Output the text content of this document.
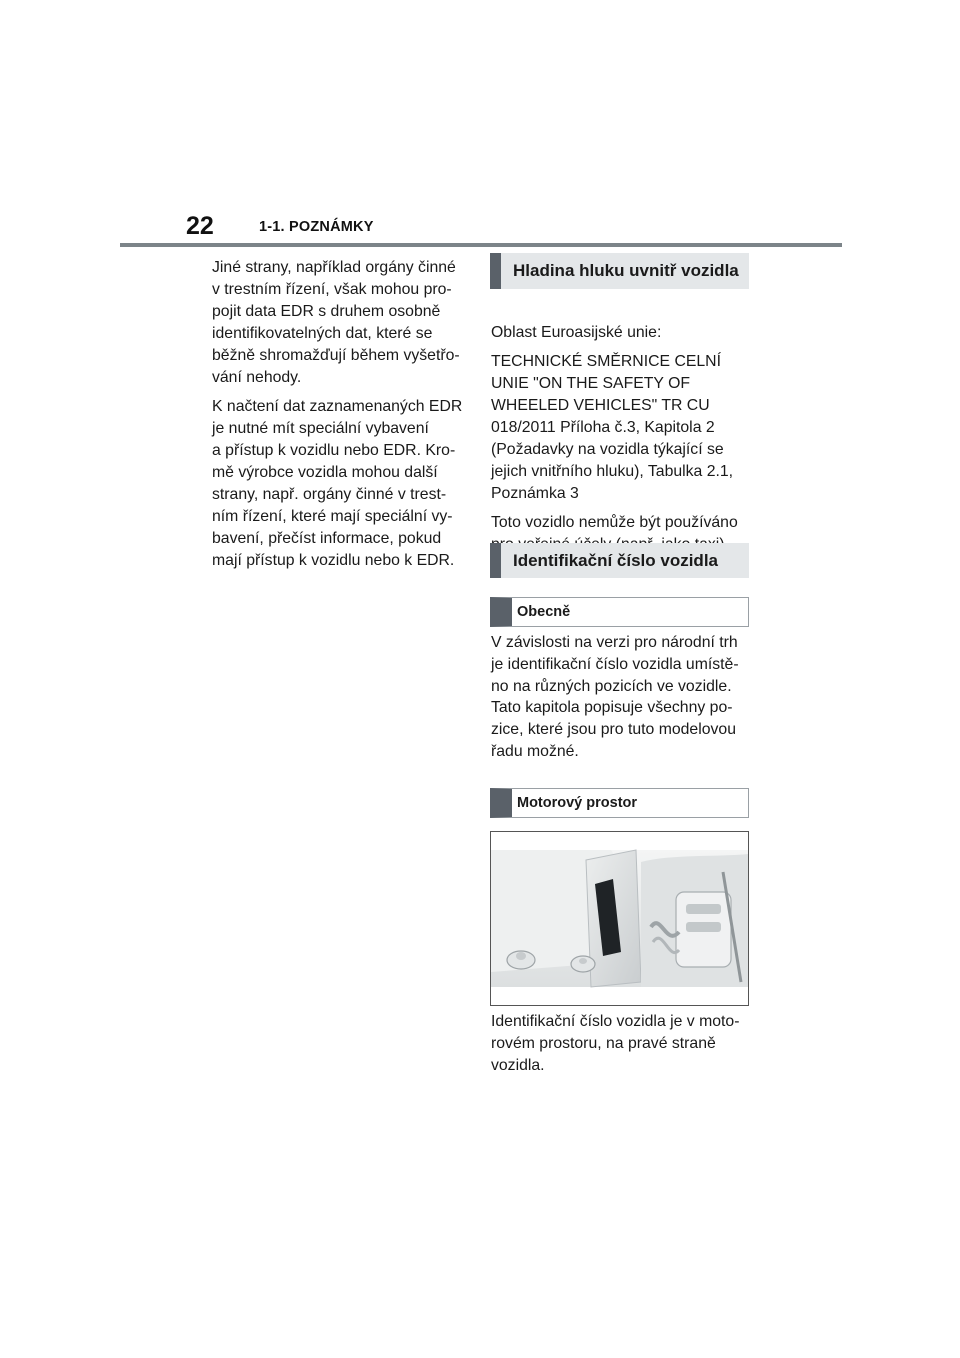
22	1-1. POZNÁMKY

Jiné strany, například orgány činné
v trestním řízení, však mohou pro-
pojit data EDR s druhem osobně
identifikovatelných dat, které se
běžně shromažďují během vyšetřo-
vání nehody.

K načtení dat zaznamenaných EDR
je nutné mít speciální vybavení
a přístup k vozidlu nebo EDR. Kro-
mě výrobce vozidla mohou další
strany, např. orgány činné v trest-
ním řízení, které mají speciální vy-
bavení, přečíst informace, pokud
mají přístup k vozidlu nebo k EDR.

Hladina hluku uvnitř vozidla

Oblast Euroasijské unie:

TECHNICKÉ SMĚRNICE CELNÍ
UNIE "ON THE SAFETY OF
WHEELED VEHICLES" TR CU
018/2011 Příloha č.3, Kapitola 2
(Požadavky na vozidla týkající se
jejich vnitřního hluku), Tabulka 2.1,
Poznámka 3

Toto vozidlo nemůže být používáno

Identifikační číslo vozidla
Obecně

V závislosti na verzi pro národní trh
je identifikační číslo vozidla umístě-
no na různých pozicích ve vozidle.
Tato kapitola popisuje všechny po-
zice, které jsou pro tuto modelovou
řadu možné.

Motorový prostor

Identifikační číslo vozidla je v moto-
rovém prostoru, na pravé straně
vozidla.
